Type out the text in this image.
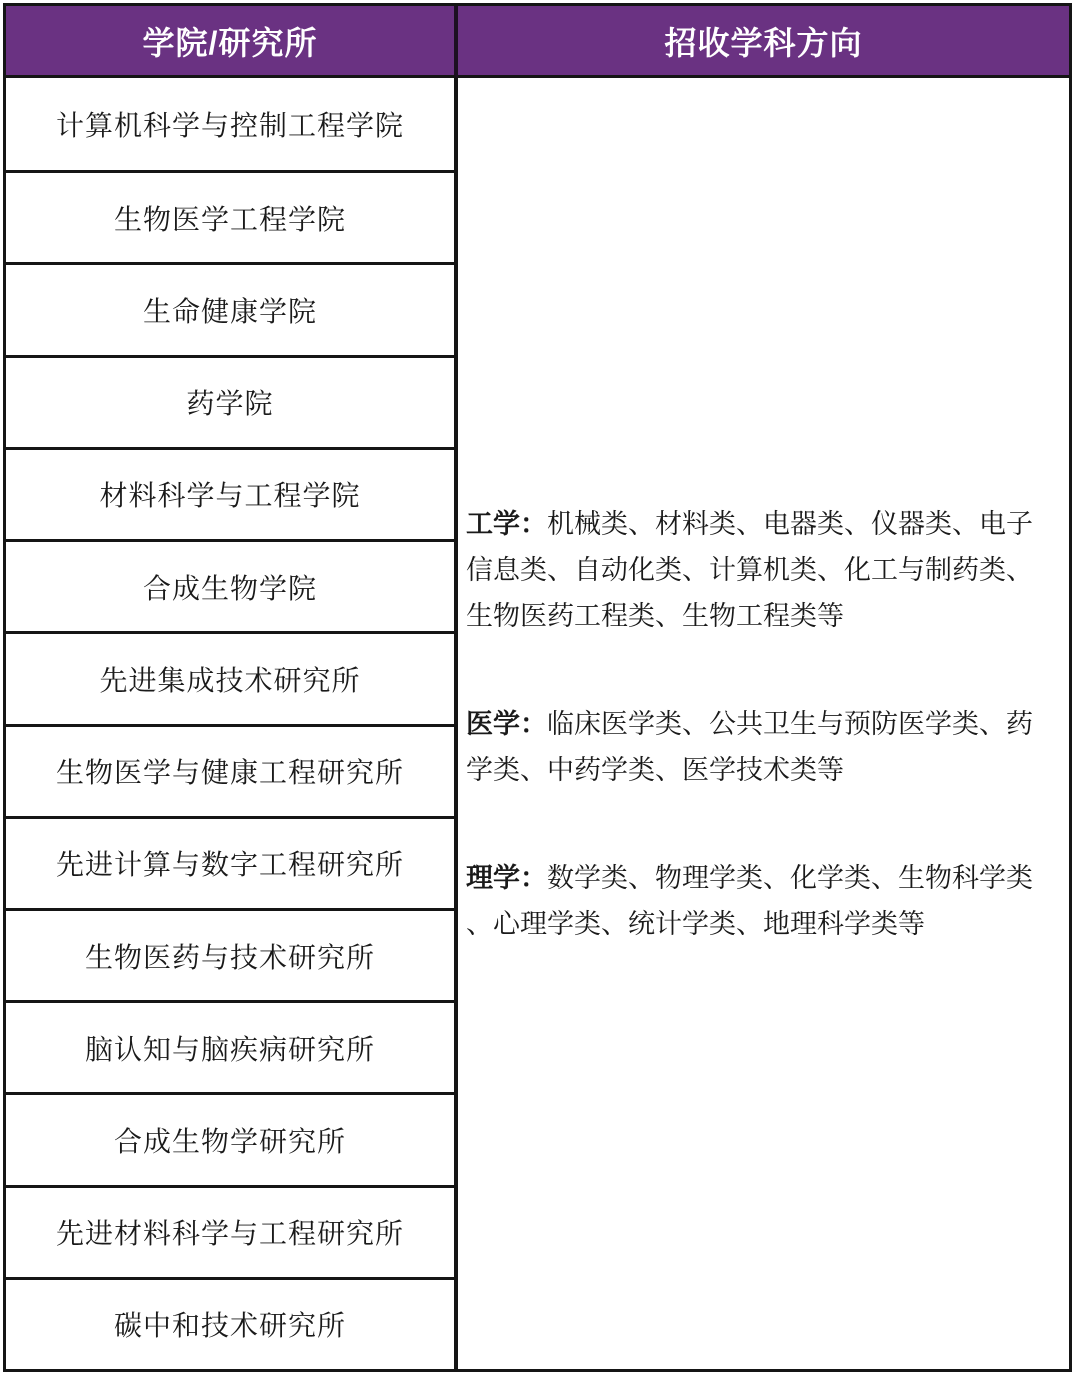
学院/研究所	招收学科方向
计算机科学与控制工程学院
生物医学工程学院
生命健康学院
药学院
材料科学与工程学院
合成生物学院
先进集成技术研究所
生物医学与健康工程研究所
先进计算与数字工程研究所
生物医药与技术研究所
脑认知与脑疾病研究所
合成生物学研究所
先进材料科学与工程研究所
碳中和技术研究所

工学：机械类、材料类、电器类、仪器类、电子
信息类、自动化类、计算机类、化工与制药类、
生物医药工程类、生物工程类等

医学：临床医学类、公共卫生与预防医学类、药
学类、中药学类、医学技术类等

理学：数学类、物理学类、化学类、生物科学类
、心理学类、统计学类、地理科学类等
